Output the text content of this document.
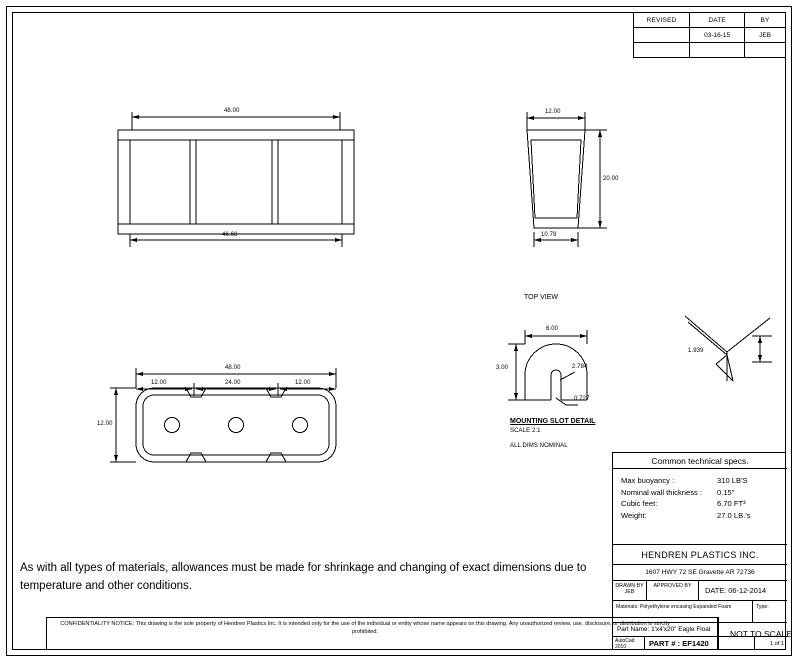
REVISED	DATE	BY
	03-16-15	JEB

48.00
46.68
12.00
20.00
10.78
TOP VIEW
48.00
12.00	24.00	12.00
12.00
6.00
3.00	2.784
0.727
1.939
MOUNTING SLOT DETAIL
SCALE 2:1
ALL DIMS NOMINAL
As with all types of materials, allowances must be made for shrinkage and changing of exact dimensions due to temperature and other conditions.
CONFIDENTIALITY NOTICE: This drawing is the sole property of Hendren Plastics Inc. It is intended only for the use of the individual or entity whose name appears on this drawing. Any unauthorized review, use, disclosure, or distribution is strictly prohibited.	NOT TO SCALE
Common technical specs.
Max buoyancy :	310 LB'S
Nominal wall thickness : 0.15"
Cubic feet:	6.70 FT³
Weight:	27.0 LB.'s
HENDREN PLASTICS INC.
1607 HWY 72 SE Gravette AR 72736
DRAWN BY
JEB
APPROVED BY	DATE: 06-12-2014
Materials: Polyethylene encasing Expanded Foam	Type:
Part Name: 1'x4'x20" Eagle Float
AutoCad 2010	PART # : EF1420	1 of 1
